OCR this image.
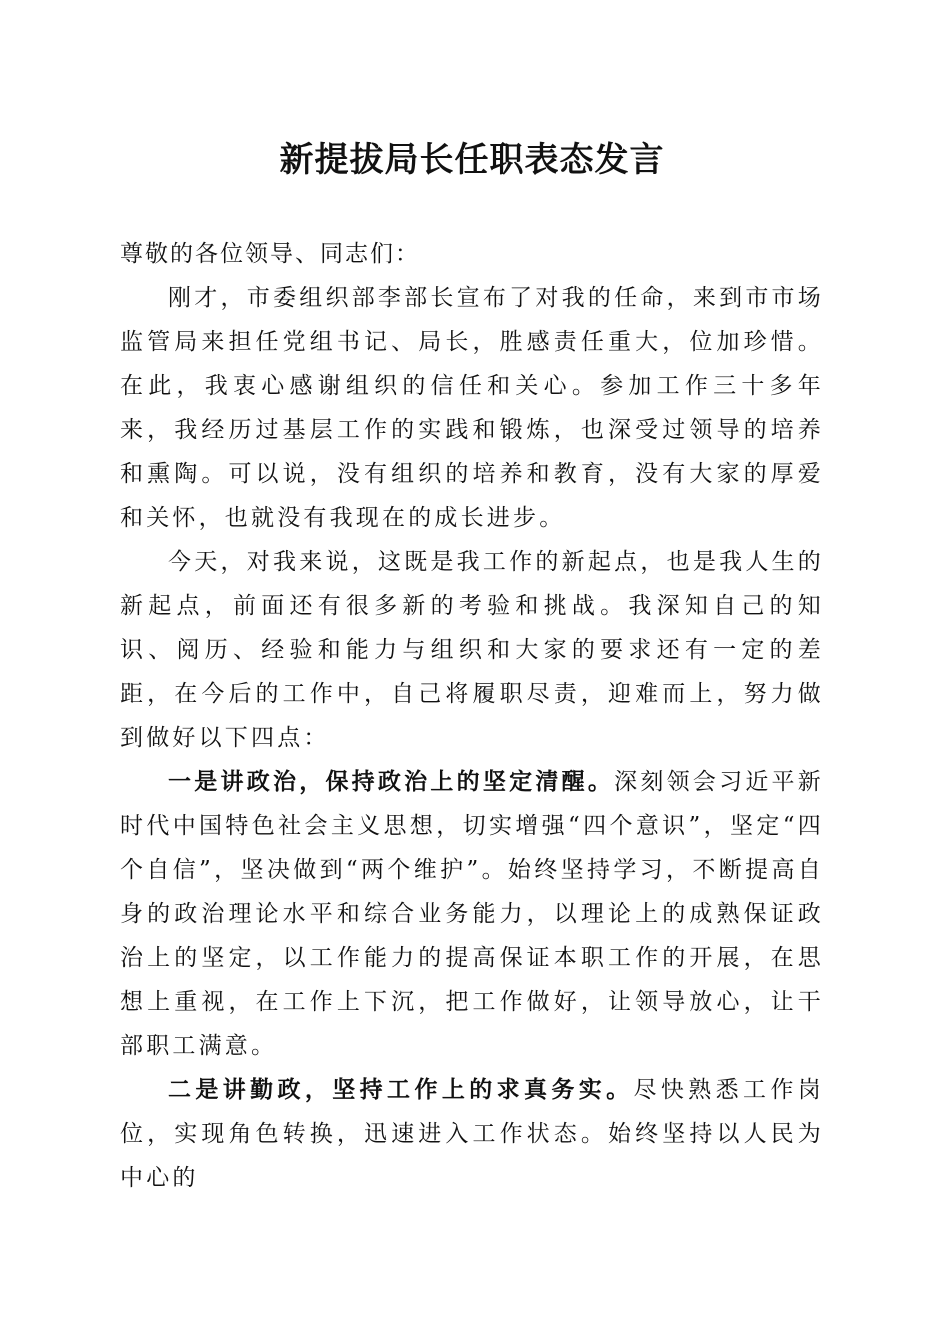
新提拔局长任职表态发言

尊敬的各位领导、同志们：

刚才，市委组织部李部长宣布了对我的任命，来到市市场监管局来担任党组书记、局长，胜感责任重大，位加珍惜。在此，我衷心感谢组织的信任和关心。参加工作三十多年来，我经历过基层工作的实践和锻炼，也深受过领导的培养和熏陶。可以说，没有组织的培养和教育，没有大家的厚爱和关怀，也就没有我现在的成长进步。

今天，对我来说，这既是我工作的新起点，也是我人生的新起点，前面还有很多新的考验和挑战。我深知自己的知识、阅历、经验和能力与组织和大家的要求还有一定的差距，在今后的工作中，自己将履职尽责，迎难而上，努力做到做好以下四点：

一是讲政治，保持政治上的坚定清醒。深刻领会习近平新时代中国特色社会主义思想，切实增强“四个意识”，坚定“四个自信”，坚决做到“两个维护”。始终坚持学习，不断提高自身的政治理论水平和综合业务能力，以理论上的成熟保证政治上的坚定，以工作能力的提高保证本职工作的开展，在思想上重视，在工作上下沉，把工作做好，让领导放心，让干部职工满意。

二是讲勤政，坚持工作上的求真务实。尽快熟悉工作岗位，实现角色转换，迅速进入工作状态。始终坚持以人民为中心的
